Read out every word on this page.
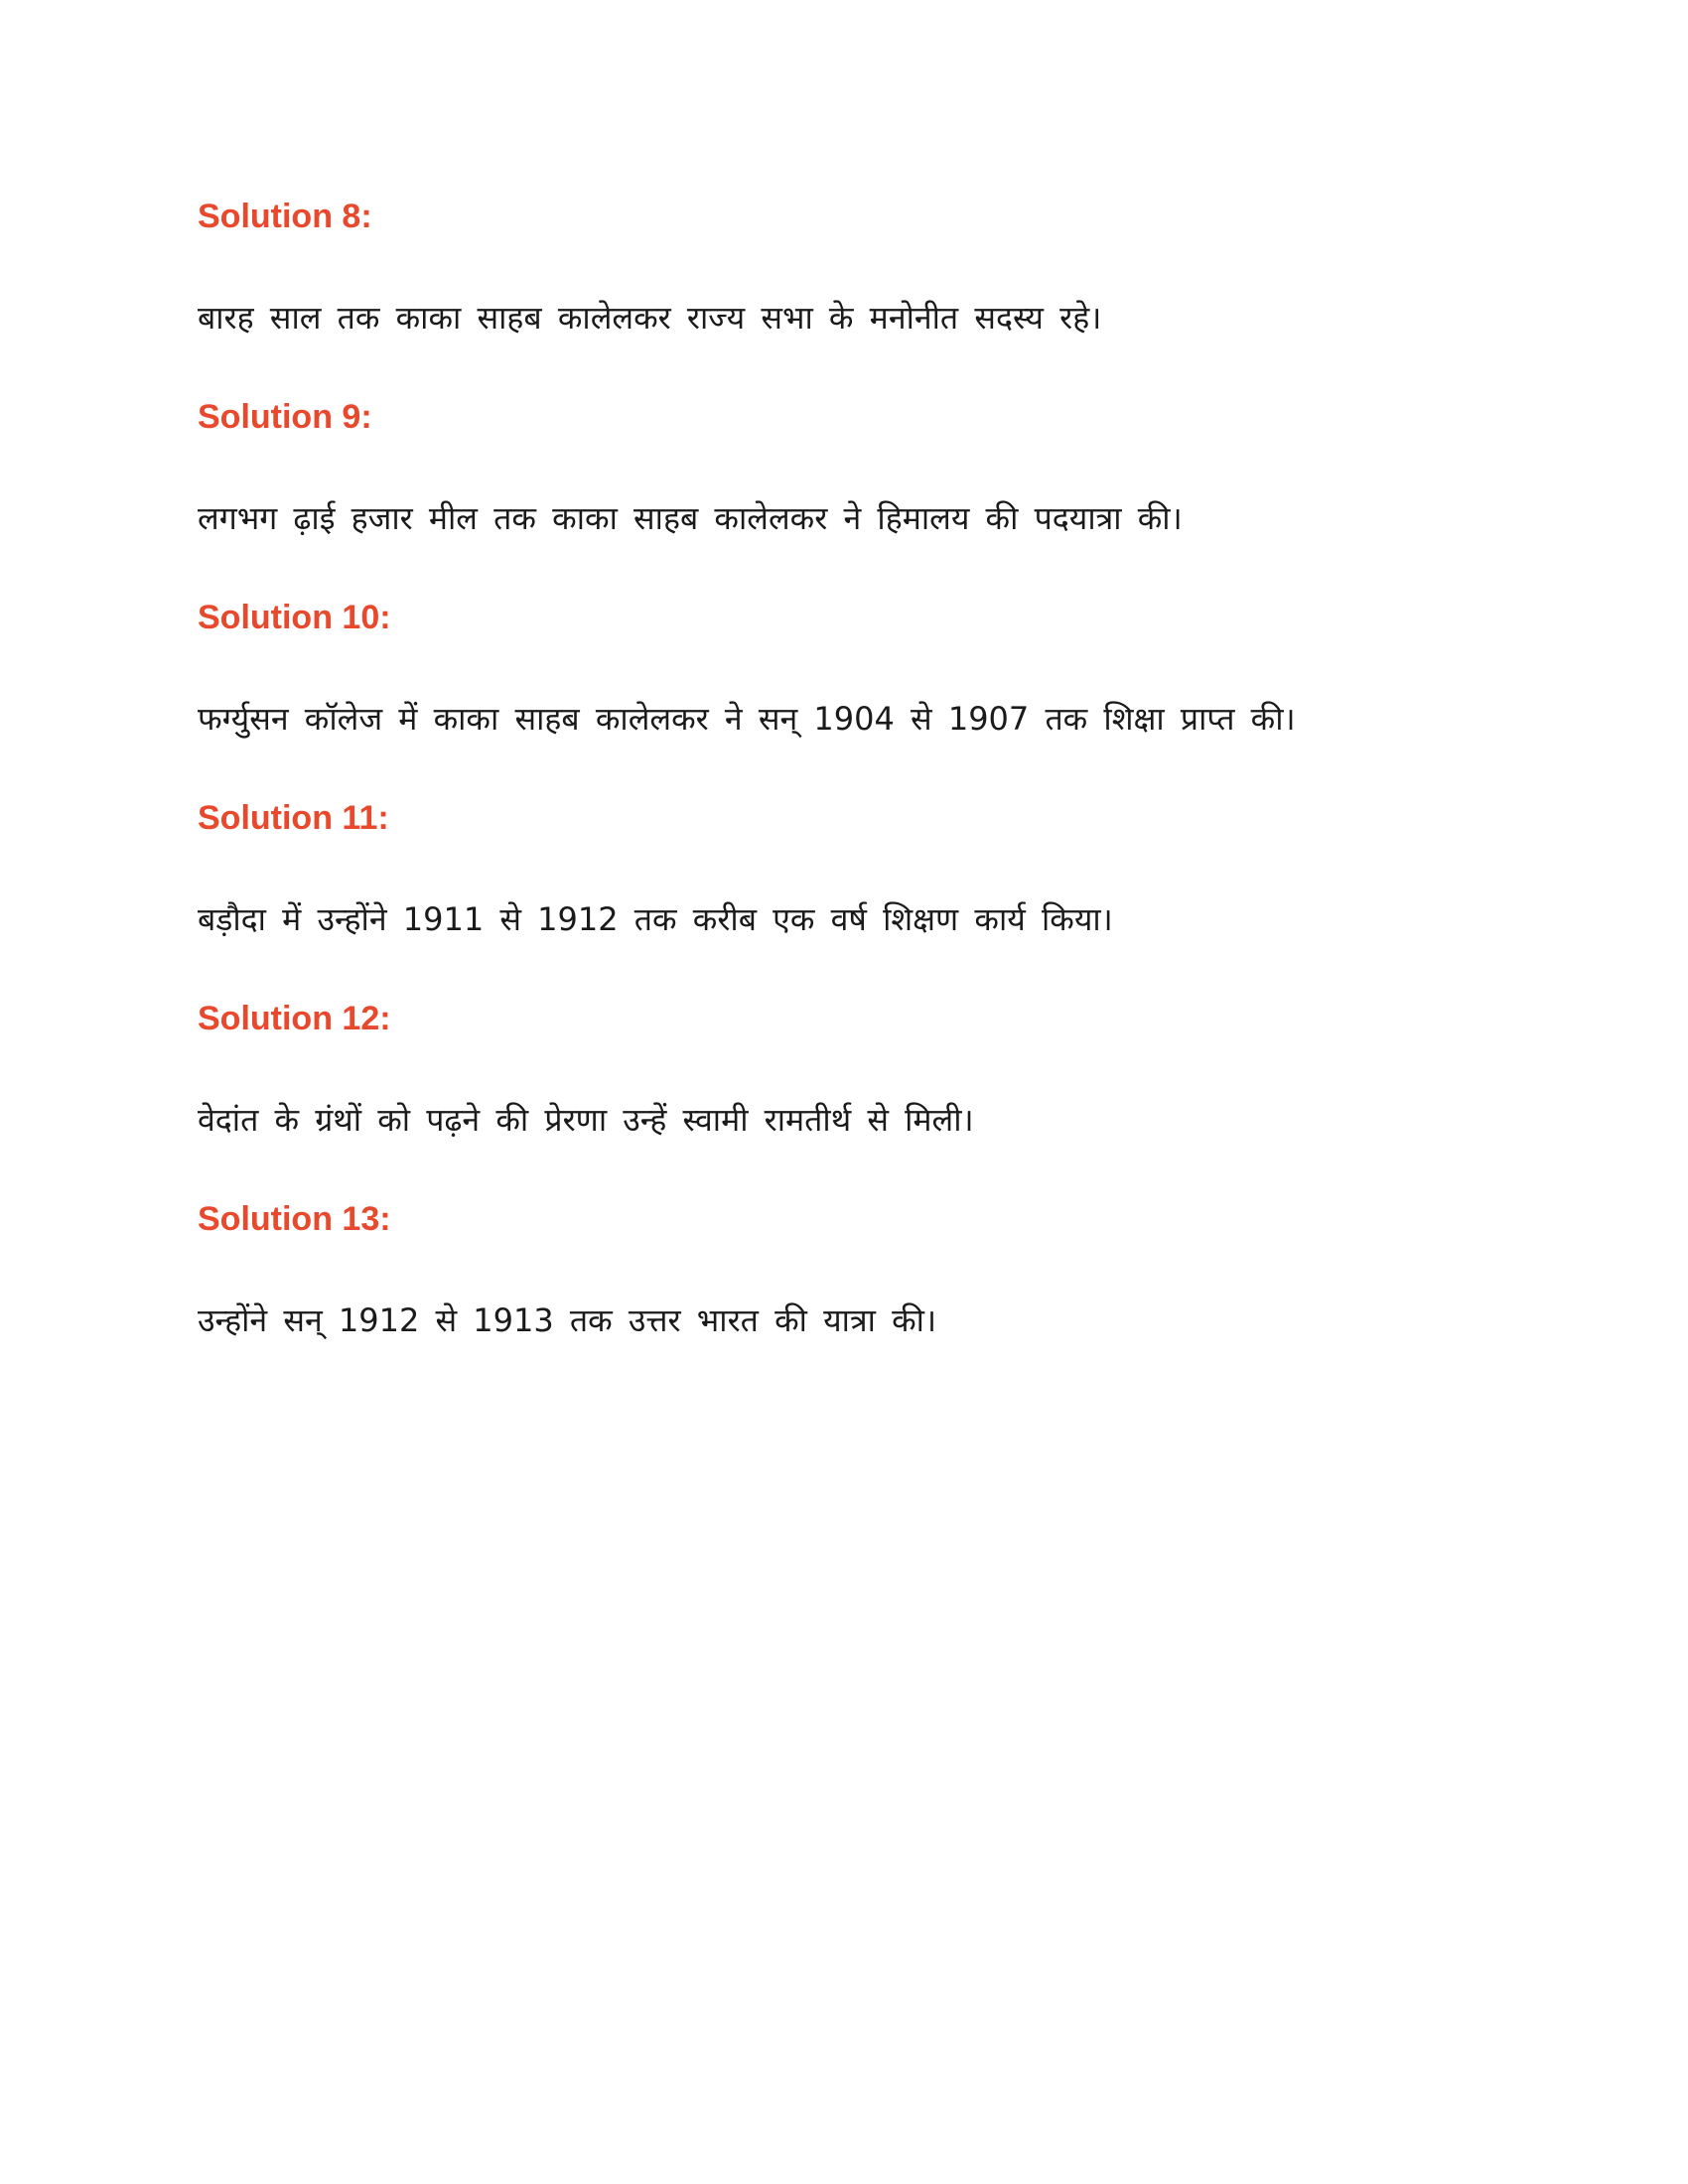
Solution 8:
बारह साल तक काका साहब कालेलकर राज्य सभा के मनोनीत सदस्य रहे।
Solution 9:
लगभग ढ़ाई हजार मील तक काका साहब कालेलकर ने हिमालय की पदयात्रा की।
Solution 10:
फर्ग्युसन कॉलेज में काका साहब कालेलकर ने सन् 1904 से 1907 तक शिक्षा प्राप्त की।
Solution 11:
बड़ौदा में उन्होंने 1911 से 1912 तक करीब एक वर्ष शिक्षण कार्य किया।
Solution 12:
वेदांत के ग्रंथों को पढ़ने की प्रेरणा उन्हें स्वामी रामतीर्थ से मिली।
Solution 13:
उन्होंने सन् 1912 से 1913 तक उत्तर भारत की यात्रा की।
